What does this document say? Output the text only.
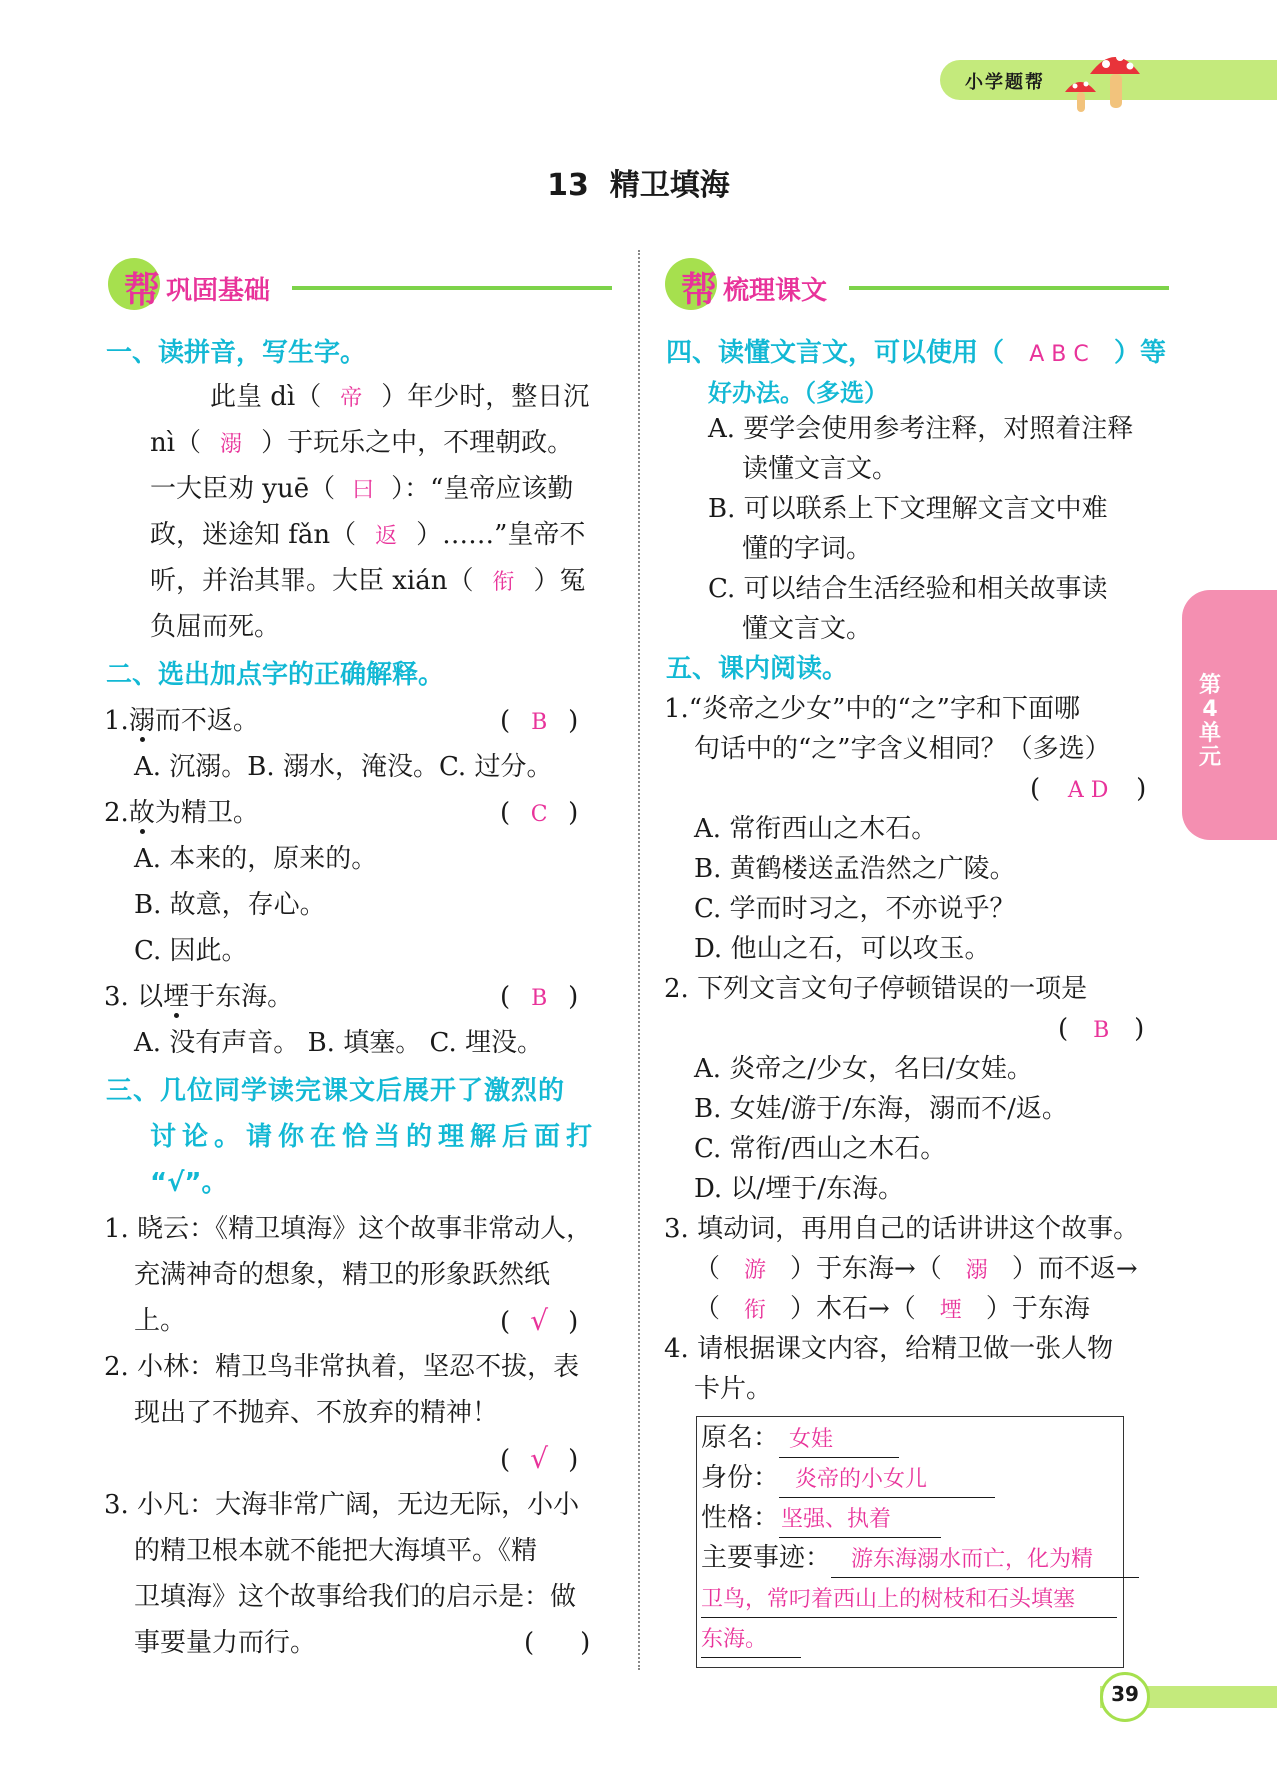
小学题帮
13  精卫填海
帮 巩固基础	帮 梳理课文
一、读拼音，写生字。
此皇 dì（ 帝 ）年少时，整日沉
nì（ 溺 ）于玩乐之中，不理朝政。
一大臣劝 yuē（ 曰 ）：“皇帝应该勤
政，迷途知 fǎn（ 返 ）……”皇帝不
听，并治其罪。大臣 xián（ 衔 ）冤
负屈而死。
二、选出加点字的正确解释。
1.溺而不返。	( B )
A. 沉溺。B. 溺水，淹没。C. 过分。
2.故为精卫。	( C )
A. 本来的，原来的。
B. 故意，存心。
C. 因此。
3. 以堙于东海。	( B )
A. 没有声音。 B. 填塞。 C. 埋没。
三、几位同学读完课文后展开了激烈的
讨论。请你在恰当的理解后面打
“√”。
1. 晓云：《精卫填海》这个故事非常动人，
充满神奇的想象，精卫的形象跃然纸
上。	( √ )
2. 小林：精卫鸟非常执着，坚忍不拔，表
现出了不抛弃、不放弃的精神！
( √ )
3. 小凡：大海非常广阔，无边无际，小小
的精卫根本就不能把大海填平。《精
卫填海》这个故事给我们的启示是：做
事要量力而行。	( )
四、读懂文言文，可以使用（ A B C ）等
好办法。（多选）
A. 要学会使用参考注释，对照着注释
读懂文言文。
B. 可以联系上下文理解文言文中难
懂的字词。
C. 可以结合生活经验和相关故事读
懂文言文。
五、课内阅读。
1.“炎帝之少女”中的“之”字和下面哪
句话中的“之”字含义相同？（多选）
( A D )
A. 常衔西山之木石。
B. 黄鹤楼送孟浩然之广陵。
C. 学而时习之，不亦说乎？
D. 他山之石，可以攻玉。
2. 下列文言文句子停顿错误的一项是
( B )
A. 炎帝之/少女，名曰/女娃。
B. 女娃/游于/东海，溺而不/返。
C. 常衔/西山之木石。
D. 以/堙于/东海。
3. 填动词，再用自己的话讲讲这个故事。
（ 游 ）于东海→（ 溺 ）而不返→
（ 衔 ）木石→（ 堙 ）于东海
4. 请根据课文内容，给精卫做一张人物
卡片。
原名： 女娃
身份： 炎帝的小女儿
性格：坚强、执着
主要事迹： 游东海溺水而亡，化为精
卫鸟，常叼着西山上的树枝和石头填塞
东海。
第4单元
39
